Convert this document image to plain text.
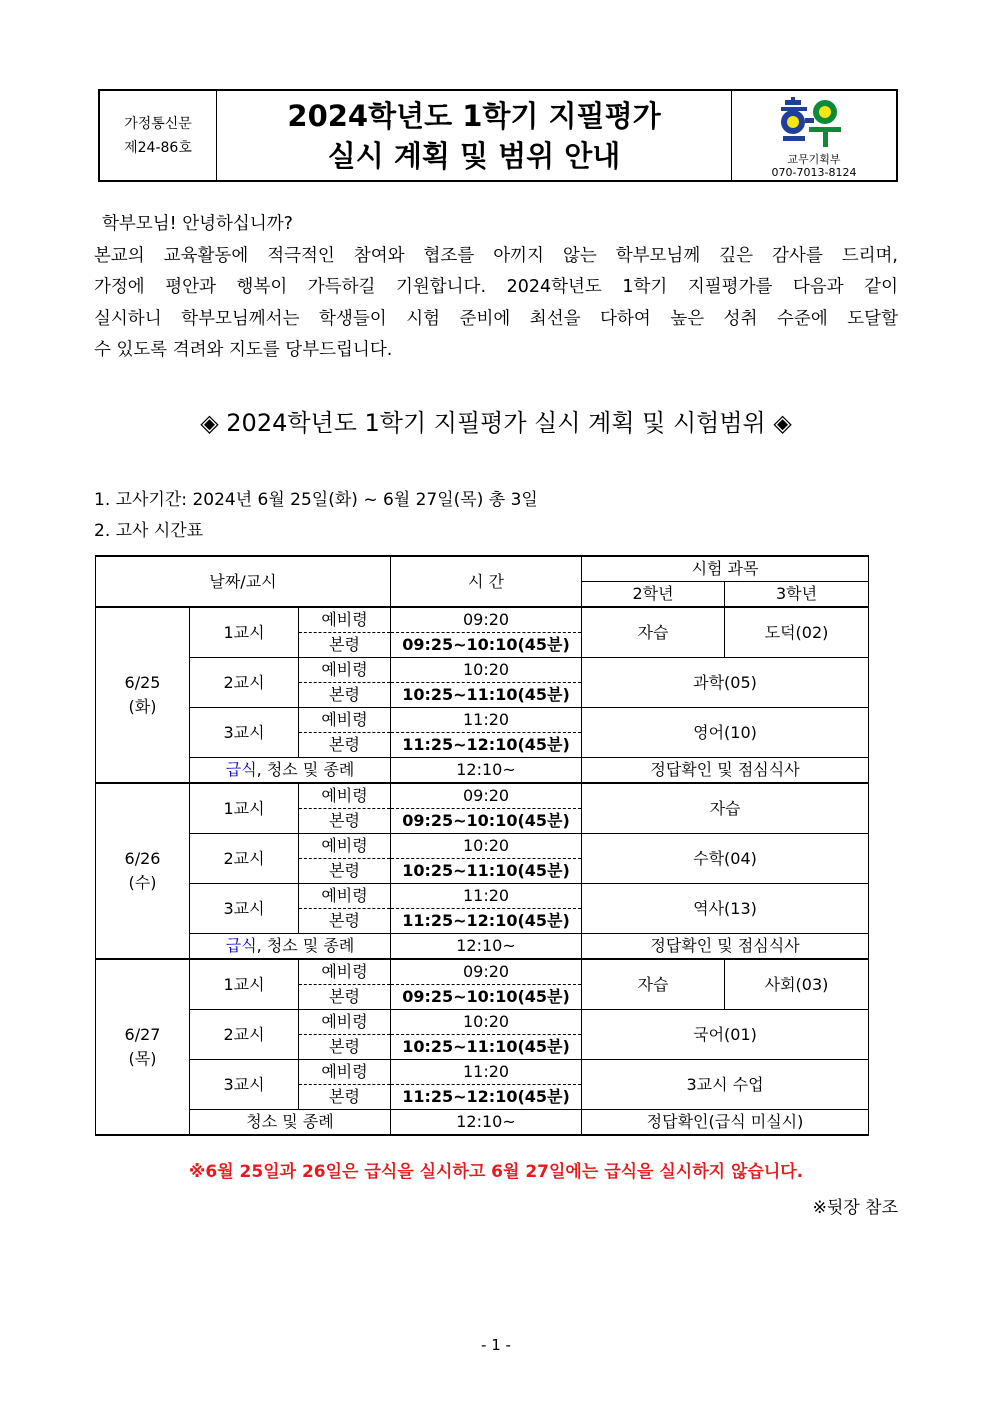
가정통신문
제24-86호
2024학년도 1학기 지필평가
실시 계획 및 범위 안내	교무기획부
070-7013-8124
학부모님! 안녕하십니까?
본교의 교육활동에 적극적인 참여와 협조를 아끼지 않는 학부모님께 깊은 감사를 드리며,
가정에 평안과 행복이 가득하길 기원합니다. 2024학년도 1학기 지필평가를 다음과 같이
실시하니 학부모님께서는 학생들이 시험 준비에 최선을 다하여 높은 성취 수준에 도달할
수 있도록 격려와 지도를 당부드립니다.
◈ 2024학년도 1학기 지필평가 실시 계획 및 시험범위 ◈
1. 고사기간: 2024년 6월 25일(화) ~ 6월 27일(목) 총 3일
2. 고사 시간표
날짜/교시			시 간	시험 과목	
				2학년	3학년
6/25
(화)	1교시	예비령	09:20	자습	도덕(02)
		본령	09:25~10:10(45분)		
	2교시	예비령	10:20	과학(05)	
		본령	10:25~11:10(45분)		
	3교시	예비령	11:20	영어(10)	
		본령	11:25~12:10(45분)		
	급식, 청소 및 종례		12:10~	정답확인 및 점심식사	
6/26
(수)	1교시	예비령	09:20	자습	
		본령	09:25~10:10(45분)		
	2교시	예비령	10:20	수학(04)	
		본령	10:25~11:10(45분)		
	3교시	예비령	11:20	역사(13)	
		본령	11:25~12:10(45분)		
	급식, 청소 및 종례		12:10~	정답확인 및 점심식사	
6/27
(목)	1교시	예비령	09:20	자습	사회(03)
		본령	09:25~10:10(45분)		
	2교시	예비령	10:20	국어(01)	
		본령	10:25~11:10(45분)		
	3교시	예비령	11:20	3교시 수업	
		본령	11:25~12:10(45분)		
	청소 및 종례		12:10~	정답확인(급식 미실시)	
※6월 25일과 26일은 급식을 실시하고 6월 27일에는 급식을 실시하지 않습니다.
※뒷장 참조
- 1 -
